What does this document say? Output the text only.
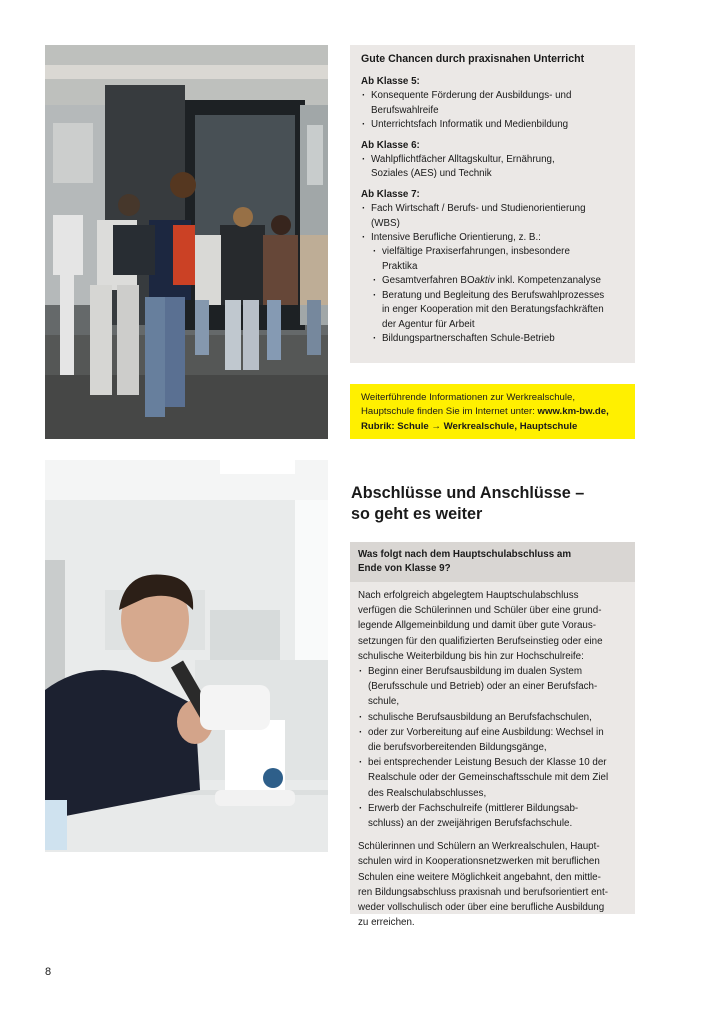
Gute Chancen durch praxisnahen Unterricht
Ab Klasse 5:
· Konsequente Förderung der Ausbildungs- und
Berufswahlreife
· Unterrichtsfach Informatik und Medienbildung
Ab Klasse 6:
· Wahlpflichtfächer Alltagskultur, Ernährung,
Soziales (AES) und Technik
Ab Klasse 7:
· Fach Wirtschaft / Berufs- und Studienorientierung
(WBS)
· Intensive Berufliche Orientierung, z. B.:
· vielfältige Praxiserfahrungen, insbesondere
Praktika
· Gesamtverfahren BOaktiv inkl. Kompetenzanalyse
· Beratung und Begleitung des Berufswahlprozesses
in enger Kooperation mit den Beratungsfachkräften
der Agentur für Arbeit
· Bildungspartnerschaften Schule-Betrieb
Weiterführende Informationen zur Werkrealschule,
Hauptschule finden Sie im Internet unter: www.km-bw.de,
Rubrik: Schule → Werkrealschule, Hauptschule
Abschlüsse und Anschlüsse –
so geht es weiter
Was folgt nach dem Hauptschulabschluss am
Ende von Klasse 9?
Nach erfolgreich abgelegtem Hauptschulabschluss
verfügen die Schülerinnen und Schüler über eine grund-
legende Allgemeinbildung und damit über gute Voraus-
setzungen für den qualifizierten Berufseinstieg oder eine
schulische Weiterbildung bis hin zur Hochschulreife:
· Beginn einer Berufsausbildung im dualen System
(Berufsschule und Betrieb) oder an einer Berufsfach-
schule,
· schulische Berufsausbildung an Berufsfachschulen,
· oder zur Vorbereitung auf eine Ausbildung: Wechsel in
die berufsvorbereitenden Bildungsgänge,
· bei entsprechender Leistung Besuch der Klasse 10 der
Realschule oder der Gemeinschaftsschule mit dem Ziel
des Realschulabschlusses,
· Erwerb der Fachschulreife (mittlerer Bildungsab-
schluss) an der zweijährigen Berufsfachschule.
Schülerinnen und Schülern an Werkrealschulen, Haupt-
schulen wird in Kooperationsnetzwerken mit beruflichen
Schulen eine weitere Möglichkeit angebahnt, den mittle-
ren Bildungsabschluss praxisnah und berufsorientiert ent-
weder vollschulisch oder über eine berufliche Ausbildung
zu erreichen.
8
